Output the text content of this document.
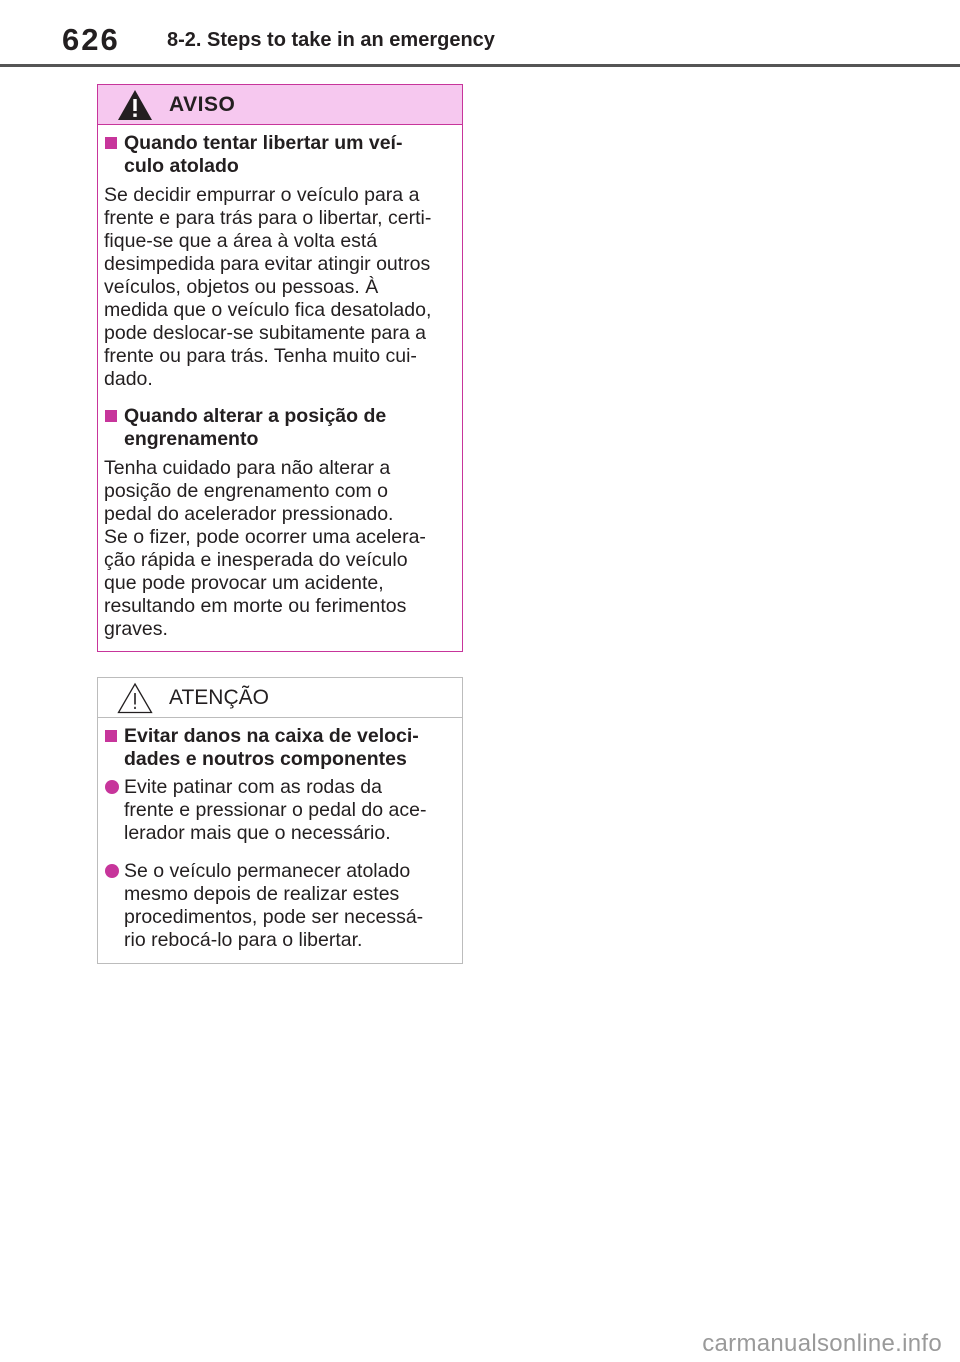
626 8-2. Steps to take in an emergency
AVISO
Quando tentar libertar um veí-
culo atolado
Se decidir empurrar o veículo para a
frente e para trás para o libertar, certi-
fique-se que a área à volta está
desimpedida para evitar atingir outros
veículos, objetos ou pessoas. À
medida que o veículo fica desatolado,
pode deslocar-se subitamente para a
frente ou para trás. Tenha muito cui-
dado.
Quando alterar a posição de
engrenamento
Tenha cuidado para não alterar a
posição de engrenamento com o
pedal do acelerador pressionado.
Se o fizer, pode ocorrer uma acelera-
ção rápida e inesperada do veículo
que pode provocar um acidente,
resultando em morte ou ferimentos
graves.
ATENÇÃO
Evitar danos na caixa de veloci-
dades e noutros componentes
Evite patinar com as rodas da
frente e pressionar o pedal do ace-
lerador mais que o necessário.
Se o veículo permanecer atolado
mesmo depois de realizar estes
procedimentos, pode ser necessá-
rio rebocá-lo para o libertar.
carmanualsonline.info
